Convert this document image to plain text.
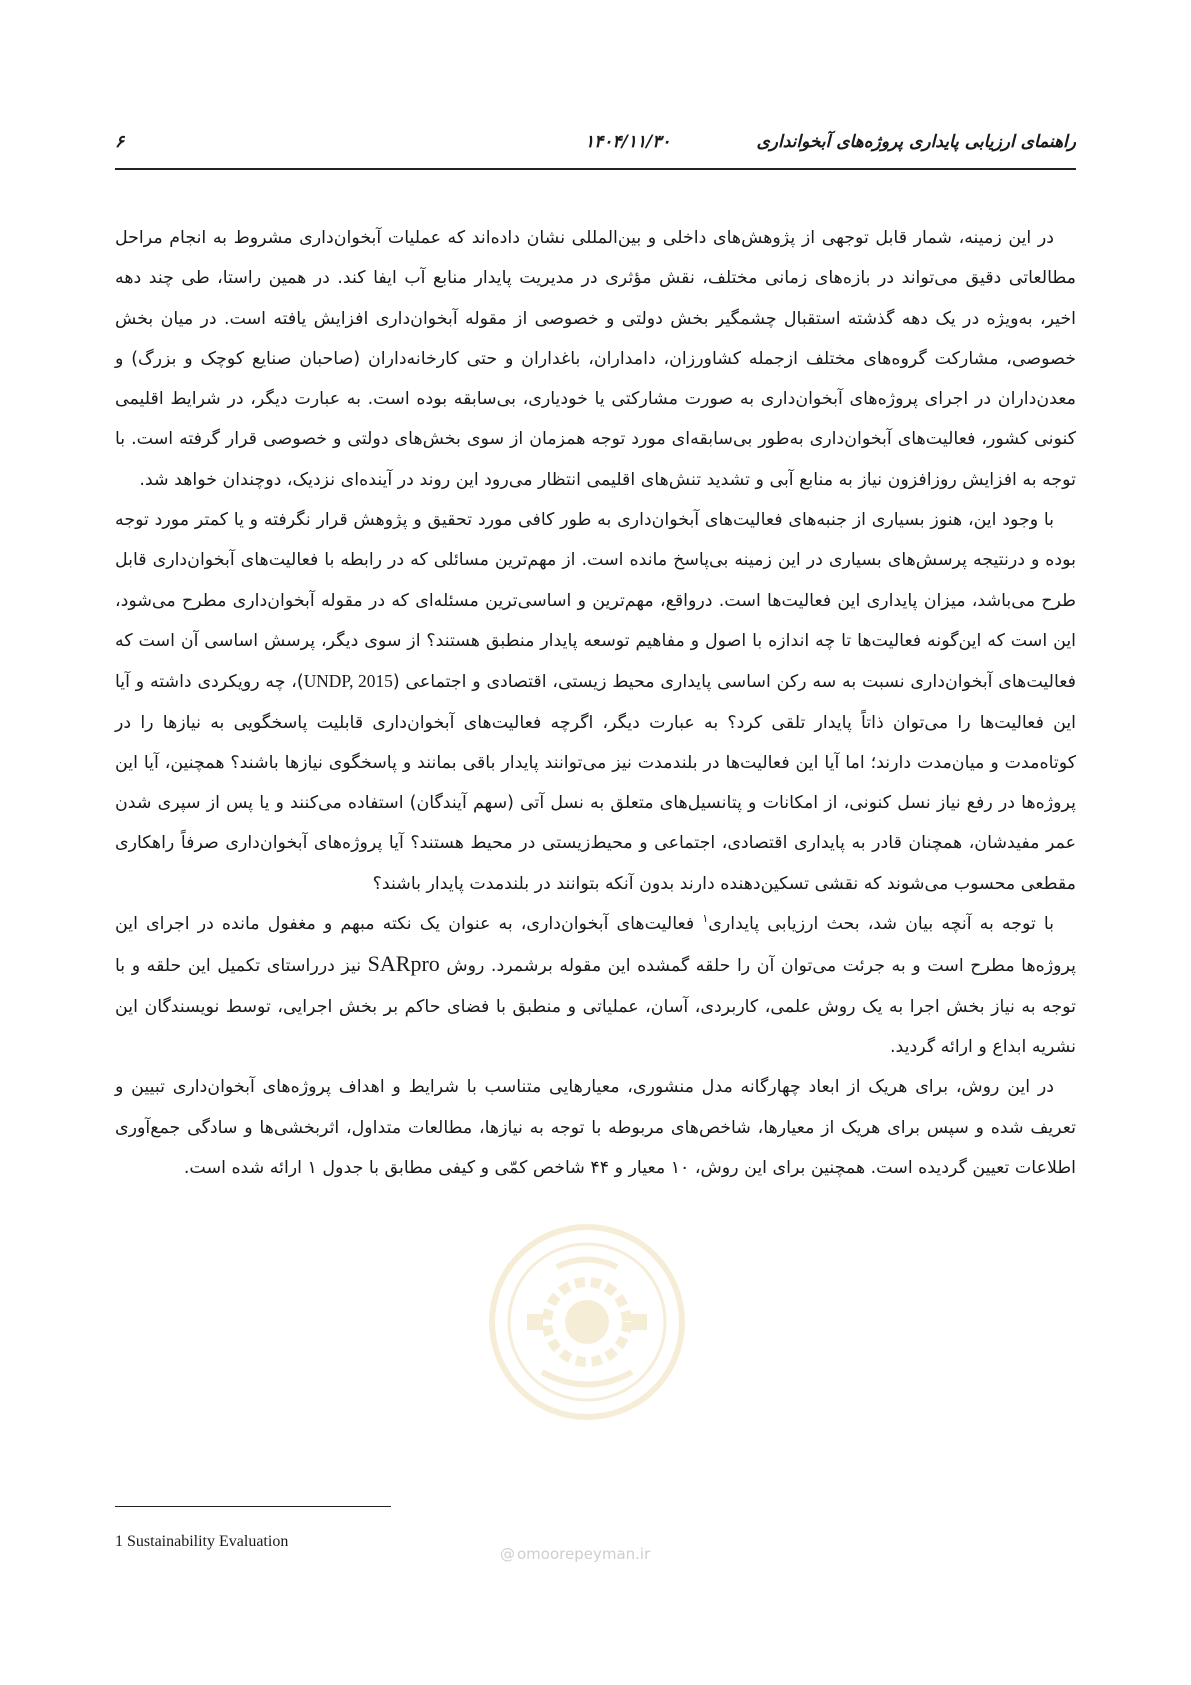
۶	۱۴۰۴/۱۱/۳۰	راهنمای ارزیابی پایداری پروژه‌های آبخوانداری

در این زمینه، شمار قابل توجهی از پژوهش‌های داخلی و بین‌المللی نشان داده‌اند که عملیات آبخوان‌داری مشروط به انجام مراحل مطالعاتی دقیق می‌تواند در بازه‌های زمانی مختلف، نقش مؤثری در مدیریت پایدار منابع آب ایفا کند. در همین راستا، طی چند دهه اخیر، به‌ویژه در یک دهه گذشته استقبال چشمگیر بخش دولتی و خصوصی از مقوله آبخوان‌داری افزایش یافته است. در میان بخش خصوصی، مشارکت گروه‌های مختلف ازجمله کشاورزان، دامداران، باغداران و حتی کارخانه‌داران (صاحبان صنایع کوچک و بزرگ) و معدن‌داران در اجرای پروژه‌های آبخوان‌داری به صورت مشارکتی یا خودیاری، بی‌سابقه بوده است. به عبارت دیگر، در شرایط اقلیمی کنونی کشور، فعالیت‌های آبخوان‌داری به‌طور بی‌سابقه‌ای مورد توجه همزمان از سوی بخش‌های دولتی و خصوصی قرار گرفته است. با توجه به افزایش روزافزون نیاز به منابع آبی و تشدید تنش‌های اقلیمی انتظار می‌رود این روند در آینده‌ای نزدیک، دوچندان خواهد شد.

با وجود این، هنوز بسیاری از جنبه‌های فعالیت‌های آبخوان‌داری به طور کافی مورد تحقیق و پژوهش قرار نگرفته و یا کمتر مورد توجه بوده و درنتیجه پرسش‌های بسیاری در این زمینه بی‌پاسخ مانده است. از مهم‌ترین مسائلی که در رابطه با فعالیت‌های آبخوان‌داری قابل طرح می‌باشد، میزان پایداری این فعالیت‌ها است. درواقع، مهم‌ترین و اساسی‌ترین مسئله‌ای که در مقوله آبخوان‌داری مطرح می‌شود، این است که این‌گونه فعالیت‌ها تا چه اندازه با اصول و مفاهیم توسعه پایدار منطبق هستند؟ از سوی دیگر، پرسش اساسی آن است که فعالیت‌های آبخوان‌داری نسبت به سه رکن اساسی پایداری محیط زیستی، اقتصادی و اجتماعی (UNDP, 2015)، چه رویکردی داشته و آیا این فعالیت‌ها را می‌توان ذاتاً پایدار تلقی کرد؟ به عبارت دیگر، اگرچه فعالیت‌های آبخوان‌داری قابلیت پاسخگویی به نیازها را در کوتاه‌مدت و میان‌مدت دارند؛ اما آیا این فعالیت‌ها در بلندمدت نیز می‌توانند پایدار باقی بمانند و پاسخگوی نیازها باشند؟ همچنین، آیا این پروژه‌ها در رفع نیاز نسل کنونی، از امکانات و پتانسیل‌های متعلق به نسل آتی (سهم آیندگان) استفاده می‌کنند و یا پس از سپری شدن عمر مفیدشان، همچنان قادر به پایداری اقتصادی، اجتماعی و محیط‌زیستی در محیط هستند؟ آیا پروژه‌های آبخوان‌داری صرفاً راهکاری مقطعی محسوب می‌شوند که نقشی تسکین‌دهنده دارند بدون آنکه بتوانند در بلندمدت پایدار باشند؟

با توجه به آنچه بیان شد، بحث ارزیابی پایداری$^۱$ فعالیت‌های آبخوان‌داری، به عنوان یک نکته مبهم و مغفول مانده در اجرای این پروژه‌ها مطرح است و به جرئت می‌توان آن را حلقه گمشده این مقوله برشمرد. روش SARpro نیز درراستای تکمیل این حلقه و با توجه به نیاز بخش اجرا به یک روش علمی، کاربردی، آسان، عملیاتی و منطبق با فضای حاکم بر بخش اجرایی، توسط نویسندگان این نشریه ابداع و ارائه گردید.

در این روش، برای هریک از ابعاد چهارگانه مدل منشوری، معیارهایی متناسب با شرایط و اهداف پروژه‌های آبخوان‌داری تبیین و تعریف شده و سپس برای هریک از معیارها، شاخص‌های مربوطه با توجه به نیازها، مطالعات متداول، اثربخشی‌ها و سادگی جمع‌آوری اطلاعات تعیین گردیده است. همچنین برای این روش، ۱۰ معیار و ۴۴ شاخص کمّی و کیفی مطابق با جدول ۱ ارائه شده است.

@ omoorepeyman.ir
1 Sustainability Evaluation
